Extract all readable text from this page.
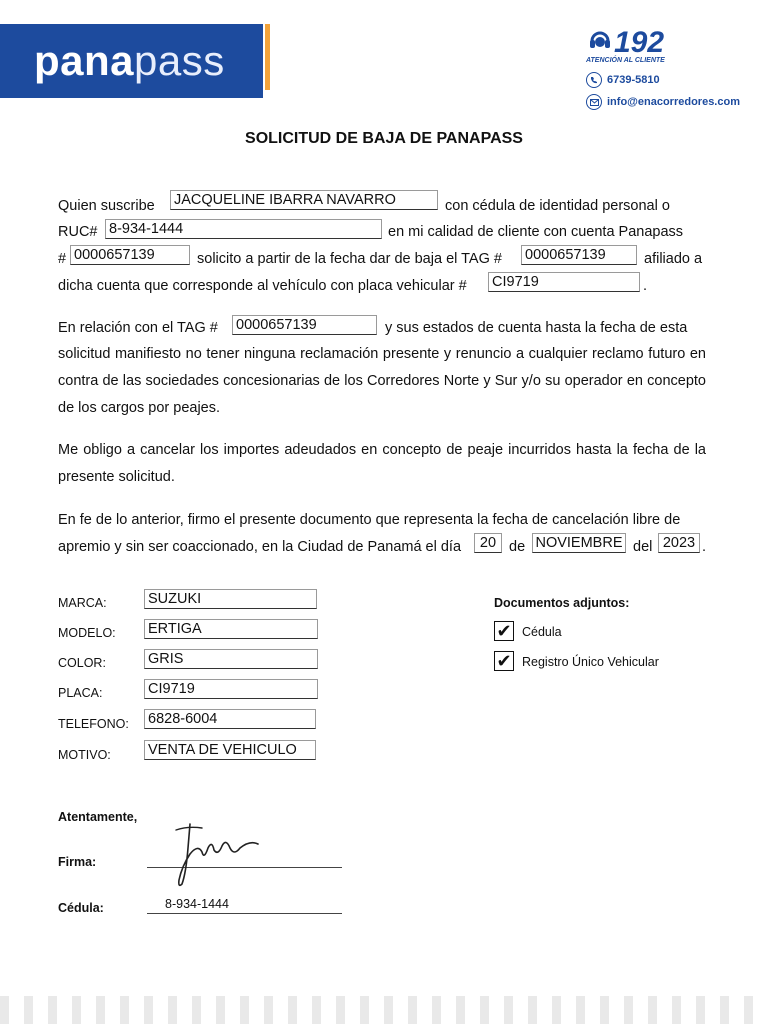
panapass	192
ATENCIÓN AL CLIENTE
6739-5810
info@enacorredores.com
SOLICITUD DE BAJA DE PANAPASS
Quien suscribe JACQUELINE IBARRA NAVARRO	con cédula de identidad personal o
RUC# 8-934-1444	en mi calidad de cliente con cuenta Panapass
# 0000657139	solicito a partir de la fecha dar de baja el TAG # 0000657139	afiliado a
dicha cuenta que corresponde al vehículo con placa vehicular # CI9719	.
En relación con el TAG # 0000657139	y sus estados de cuenta hasta la fecha de esta
solicitud manifiesto no tener ninguna reclamación presente y renuncio a cualquier reclamo futuro en contra de las sociedades concesionarias de los Corredores Norte y Sur y/o su operador en concepto de los cargos por peajes.
Me obligo a cancelar los importes adeudados en concepto de peaje incurridos hasta la fecha de la presente solicitud.
En fe de lo anterior, firmo el presente documento que representa la fecha de cancelación libre de
apremio y sin ser coaccionado, en la Ciudad de Panamá el día	20 de NOVIEMBRE del 2023 .
MARCA:	SUZUKI
MODELO: ERTIGA
COLOR:	GRIS
PLACA:	CI9719
TELEFONO: 6828-6004
MOTIVO:	VENTA DE VEHICULO
Documentos adjuntos:
✔ Cédula
✔ Registro Único Vehicular
Atentamente,
Firma:
Cédula:	8-934-1444
